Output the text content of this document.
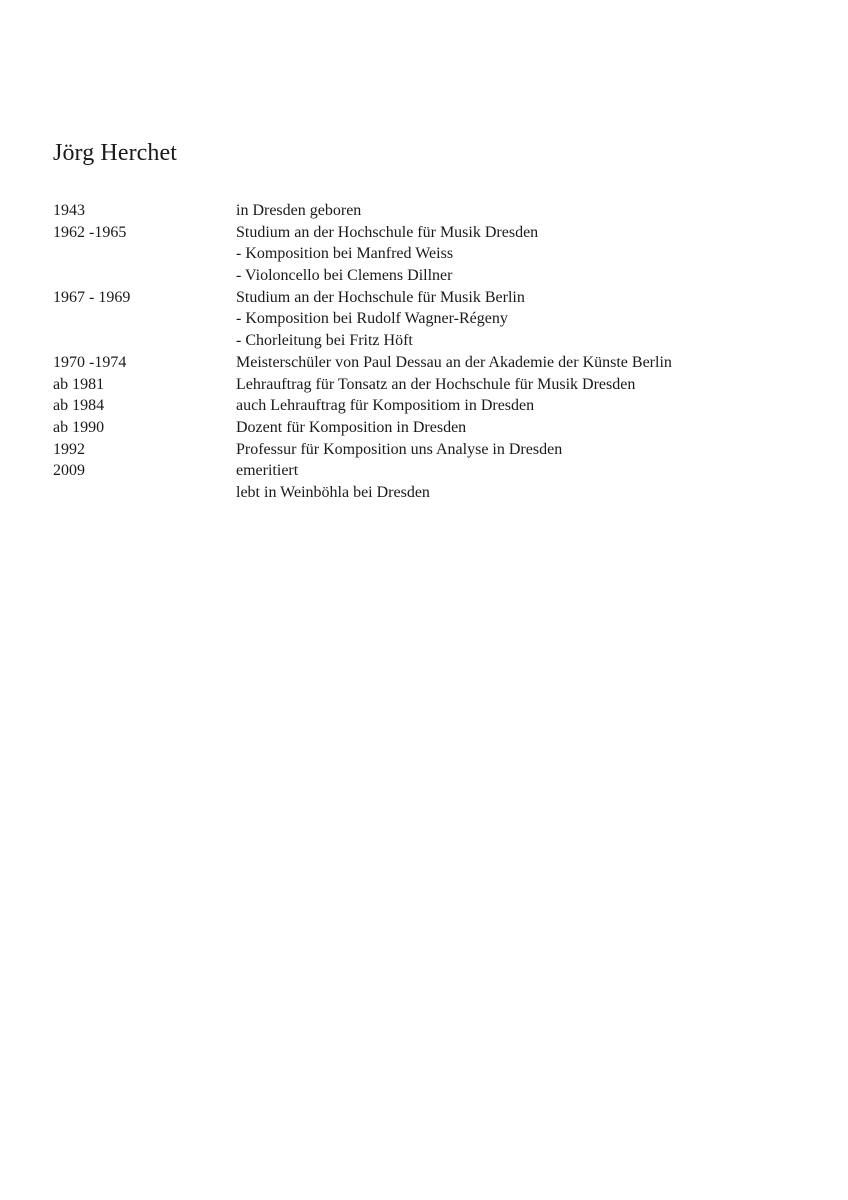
Jörg Herchet
1943	in Dresden geboren
1962 -1965	Studium an der Hochschule für Musik Dresden
- Komposition bei Manfred Weiss
- Violoncello bei Clemens Dillner
1967 - 1969	Studium an der Hochschule für Musik Berlin
- Komposition bei Rudolf Wagner-Régeny
- Chorleitung bei Fritz Höft
1970 -1974	Meisterschüler von Paul Dessau an der Akademie der Künste Berlin
ab 1981	Lehrauftrag für Tonsatz an der Hochschule für Musik Dresden
ab 1984	auch Lehrauftrag für Kompositiom in Dresden
ab 1990	Dozent für Komposition in Dresden
1992	Professur für Komposition uns Analyse in Dresden
2009	emeritiert
lebt in Weinböhla bei Dresden
